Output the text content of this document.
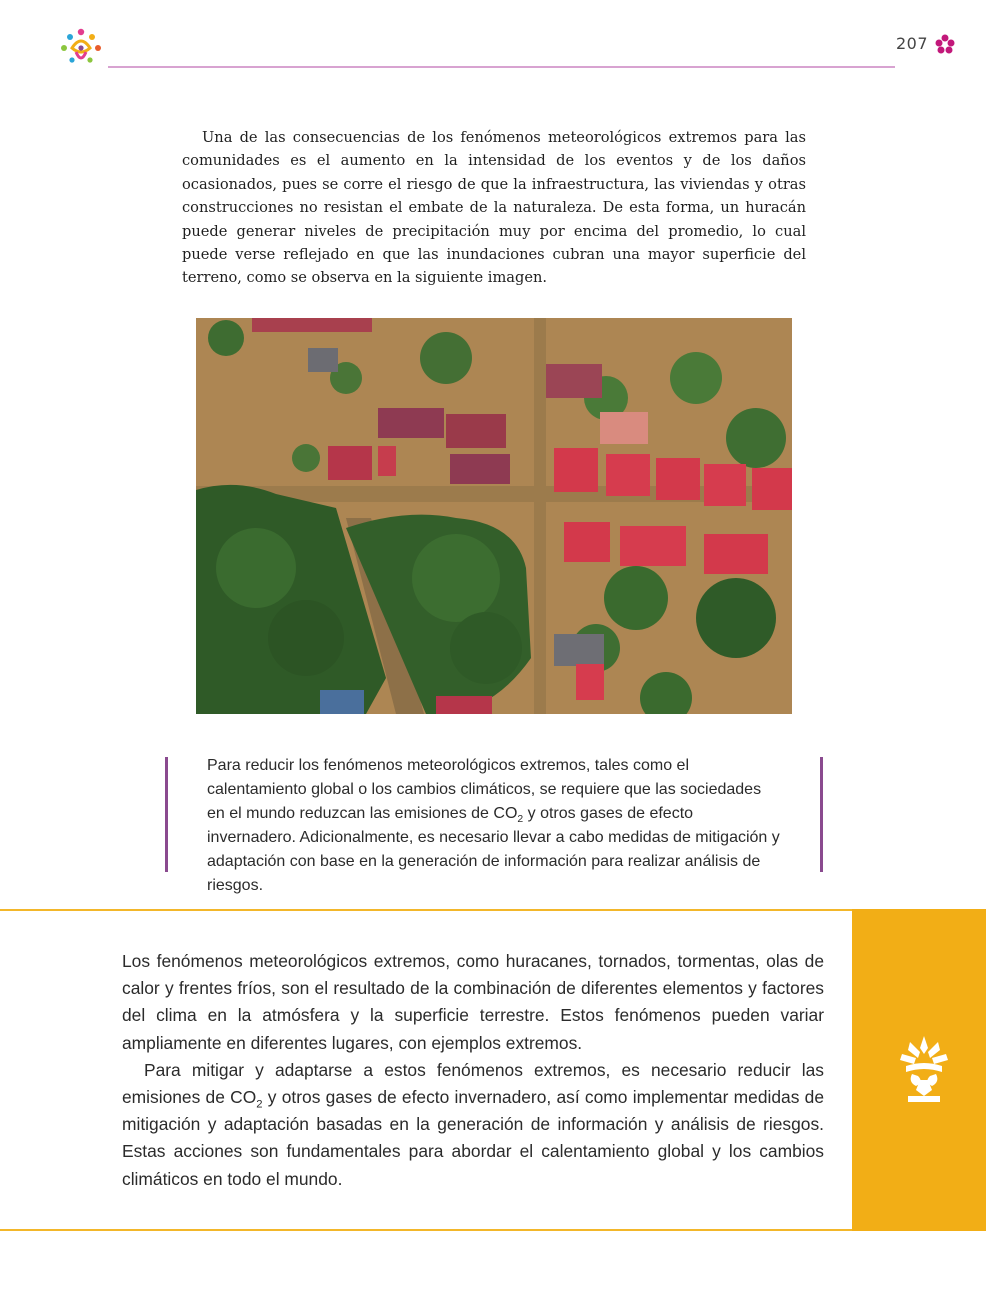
207

Una de las consecuencias de los fenómenos meteorológicos extremos para las comunidades es el aumento en la intensidad de los eventos y de los daños ocasionados, pues se corre el riesgo de que la infraestructura, las viviendas y otras construcciones no resistan el embate de la naturaleza. De esta forma, un huracán puede generar niveles de precipitación muy por encima del promedio, lo cual puede verse reflejado en que las inundaciones cubran una mayor superficie del terreno, como se observa en la siguiente imagen.

Para reducir los fenómenos meteorológicos extremos, tales como el calentamiento global o los cambios climáticos, se requiere que las sociedades en el mundo reduzcan las emisiones de $CO_2$ y otros gases de efecto invernadero. Adicionalmente, es necesario llevar a cabo medidas de mitigación y adaptación con base en la generación de información para realizar análisis de riesgos.

Los fenómenos meteorológicos extremos, como huracanes, tornados, tormentas, olas de calor y frentes fríos, son el resultado de la combinación de diferentes elementos y factores del clima en la atmósfera y la superficie terrestre. Estos fenómenos pueden variar ampliamente en diferentes lugares, con ejemplos extremos.

Para mitigar y adaptarse a estos fenómenos extremos, es necesario reducir las emisiones de $CO_2$ y otros gases de efecto invernadero, así como implementar medidas de mitigación y adaptación basadas en la generación de información y análisis de riesgos. Estas acciones son fundamentales para abordar el calentamiento global y los cambios climáticos en todo el mundo.
